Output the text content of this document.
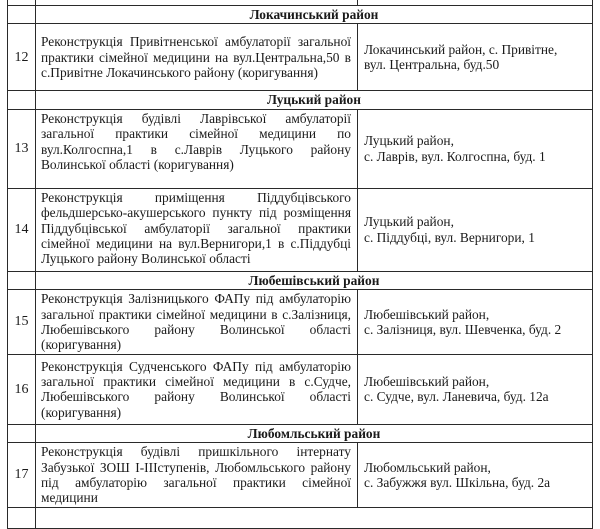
	Локачинський район	
12	Реконструкція Привітненської амбулаторії загальної практики сімейної медицини на вул.Центральна,50 в с.Привітне Локачинського району (коригування)	Локачинський район, с. Привітне,
вул. Центральна, буд.50

	Луцький район	
13	Реконструкція будівлі Лаврівської амбулаторії загальної практики сімейної медицини по вул.Колгоспна,1 в с.Лаврів Луцького району Волинської області (коригування)	Луцький район,
с. Лаврів, вул. Колгоспна, буд. 1

14	Реконструкція приміщення Піддубцівського фельдшерсько-акушерського пункту під розміщення Піддубцівської амбулаторії загальної практики сімейної медицини на вул.Вернигори,1 в с.Піддубці Луцького району Волинської області	Луцький район,
с. Піддубці, вул. Вернигори, 1

	Любешівський район	
15	Реконструкція Залізницького ФАПу під амбулаторію загальної практики сімейної медицини в с.Залізниця, Любешівського району Волинської області (коригування)	Любешівський район,
с. Залізниця, вул. Шевченка, буд. 2

16	Реконструкція Судченського ФАПу під амбулаторію загальної практики сімейної медицини в с.Судче, Любешівського району Волинської області (коригування)	Любешівський район,
с. Судче, вул. Ланевича, буд. 12а

	Любомльський район	
17	Реконструкція будівлі пришкільного інтернату Забузької ЗОШ І-ІІІступенів, Любомльського району під амбулаторію загальної практики сімейної медицини	Любомльський район,
с. Забужжя вул. Шкільна, буд. 2а
